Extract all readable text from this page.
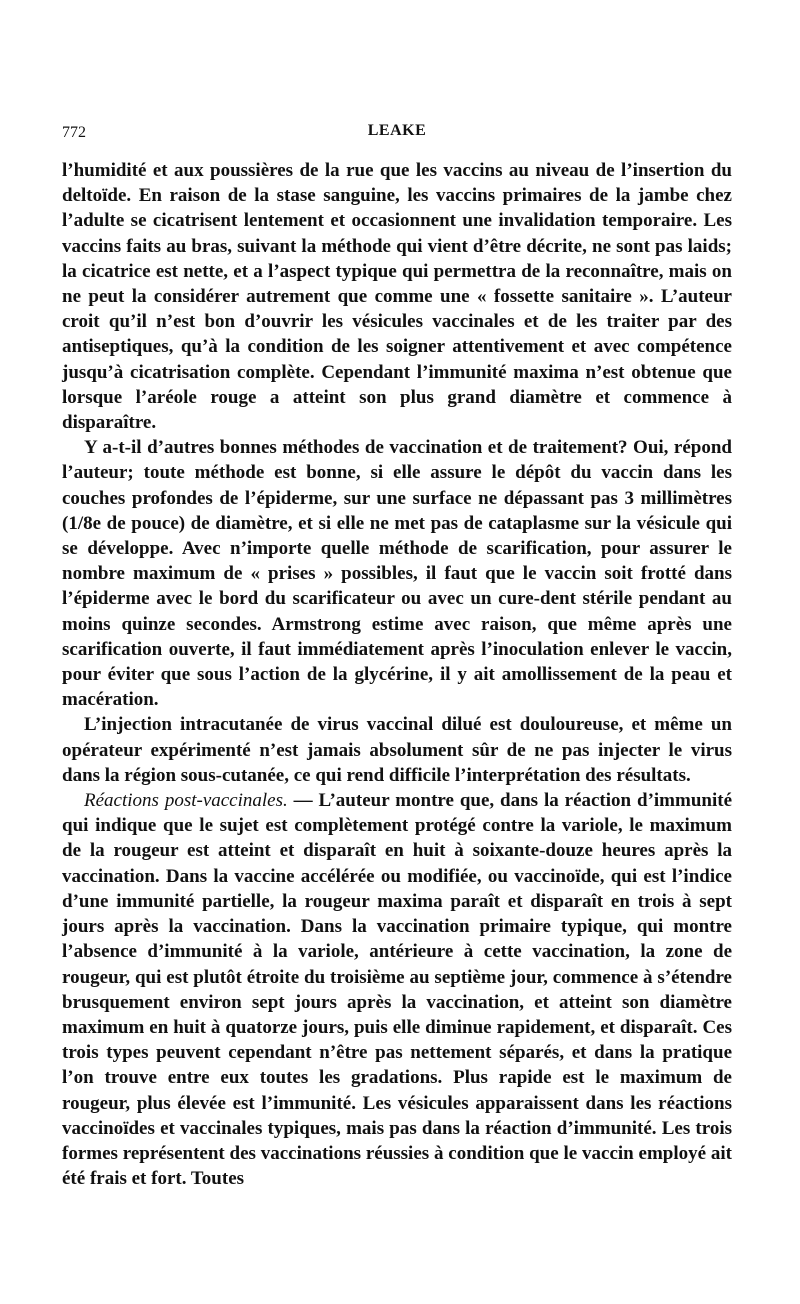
772	LEAKE

l’humidité et aux poussières de la rue que les vaccins au niveau de l’insertion du deltoïde. En raison de la stase sanguine, les vaccins primaires de la jambe chez l’adulte se cicatrisent lentement et occasionnent une invalidation temporaire. Les vaccins faits au bras, suivant la méthode qui vient d’être décrite, ne sont pas laids; la cicatrice est nette, et a l’aspect typique qui permettra de la reconnaître, mais on ne peut la considérer autrement que comme une « fossette sanitaire ». L’auteur croit qu’il n’est bon d’ouvrir les vésicules vaccinales et de les traiter par des antiseptiques, qu’à la condition de les soigner attentivement et avec compétence jusqu’à cicatrisation complète. Cependant l’immunité maxima n’est obtenue que lorsque l’aréole rouge a atteint son plus grand diamètre et commence à disparaître.

Y a-t-il d’autres bonnes méthodes de vaccination et de traitement? Oui, répond l’auteur; toute méthode est bonne, si elle assure le dépôt du vaccin dans les couches profondes de l’épiderme, sur une surface ne dépassant pas 3 millimètres (1/8e de pouce) de diamètre, et si elle ne met pas de cataplasme sur la vésicule qui se développe. Avec n’importe quelle méthode de scarification, pour assurer le nombre maximum de « prises » possibles, il faut que le vaccin soit frotté dans l’épiderme avec le bord du scarificateur ou avec un cure-dent stérile pendant au moins quinze secondes. Armstrong estime avec raison, que même après une scarification ouverte, il faut immédiatement après l’inoculation enlever le vaccin, pour éviter que sous l’action de la glycérine, il y ait amollissement de la peau et macération.

L’injection intracutanée de virus vaccinal dilué est douloureuse, et même un opérateur expérimenté n’est jamais absolument sûr de ne pas injecter le virus dans la région sous-cutanée, ce qui rend difficile l’interprétation des résultats.

Réactions post-vaccinales. — L’auteur montre que, dans la réaction d’immunité qui indique que le sujet est complètement protégé contre la variole, le maximum de la rougeur est atteint et disparaît en huit à soixante-douze heures après la vaccination. Dans la vaccine accélérée ou modifiée, ou vaccinoïde, qui est l’indice d’une immunité partielle, la rougeur maxima paraît et disparaît en trois à sept jours après la vaccination. Dans la vaccination primaire typique, qui montre l’absence d’immunité à la variole, antérieure à cette vaccination, la zone de rougeur, qui est plutôt étroite du troisième au septième jour, commence à s’étendre brusquement environ sept jours après la vaccination, et atteint son diamètre maximum en huit à quatorze jours, puis elle diminue rapidement, et disparaît. Ces trois types peuvent cependant n’être pas nettement séparés, et dans la pratique l’on trouve entre eux toutes les gradations. Plus rapide est le maximum de rougeur, plus élevée est l’immunité. Les vésicules apparaissent dans les réactions vaccinoïdes et vaccinales typiques, mais pas dans la réaction d’immunité. Les trois formes représentent des vaccinations réussies à condition que le vaccin employé ait été frais et fort. Toutes
